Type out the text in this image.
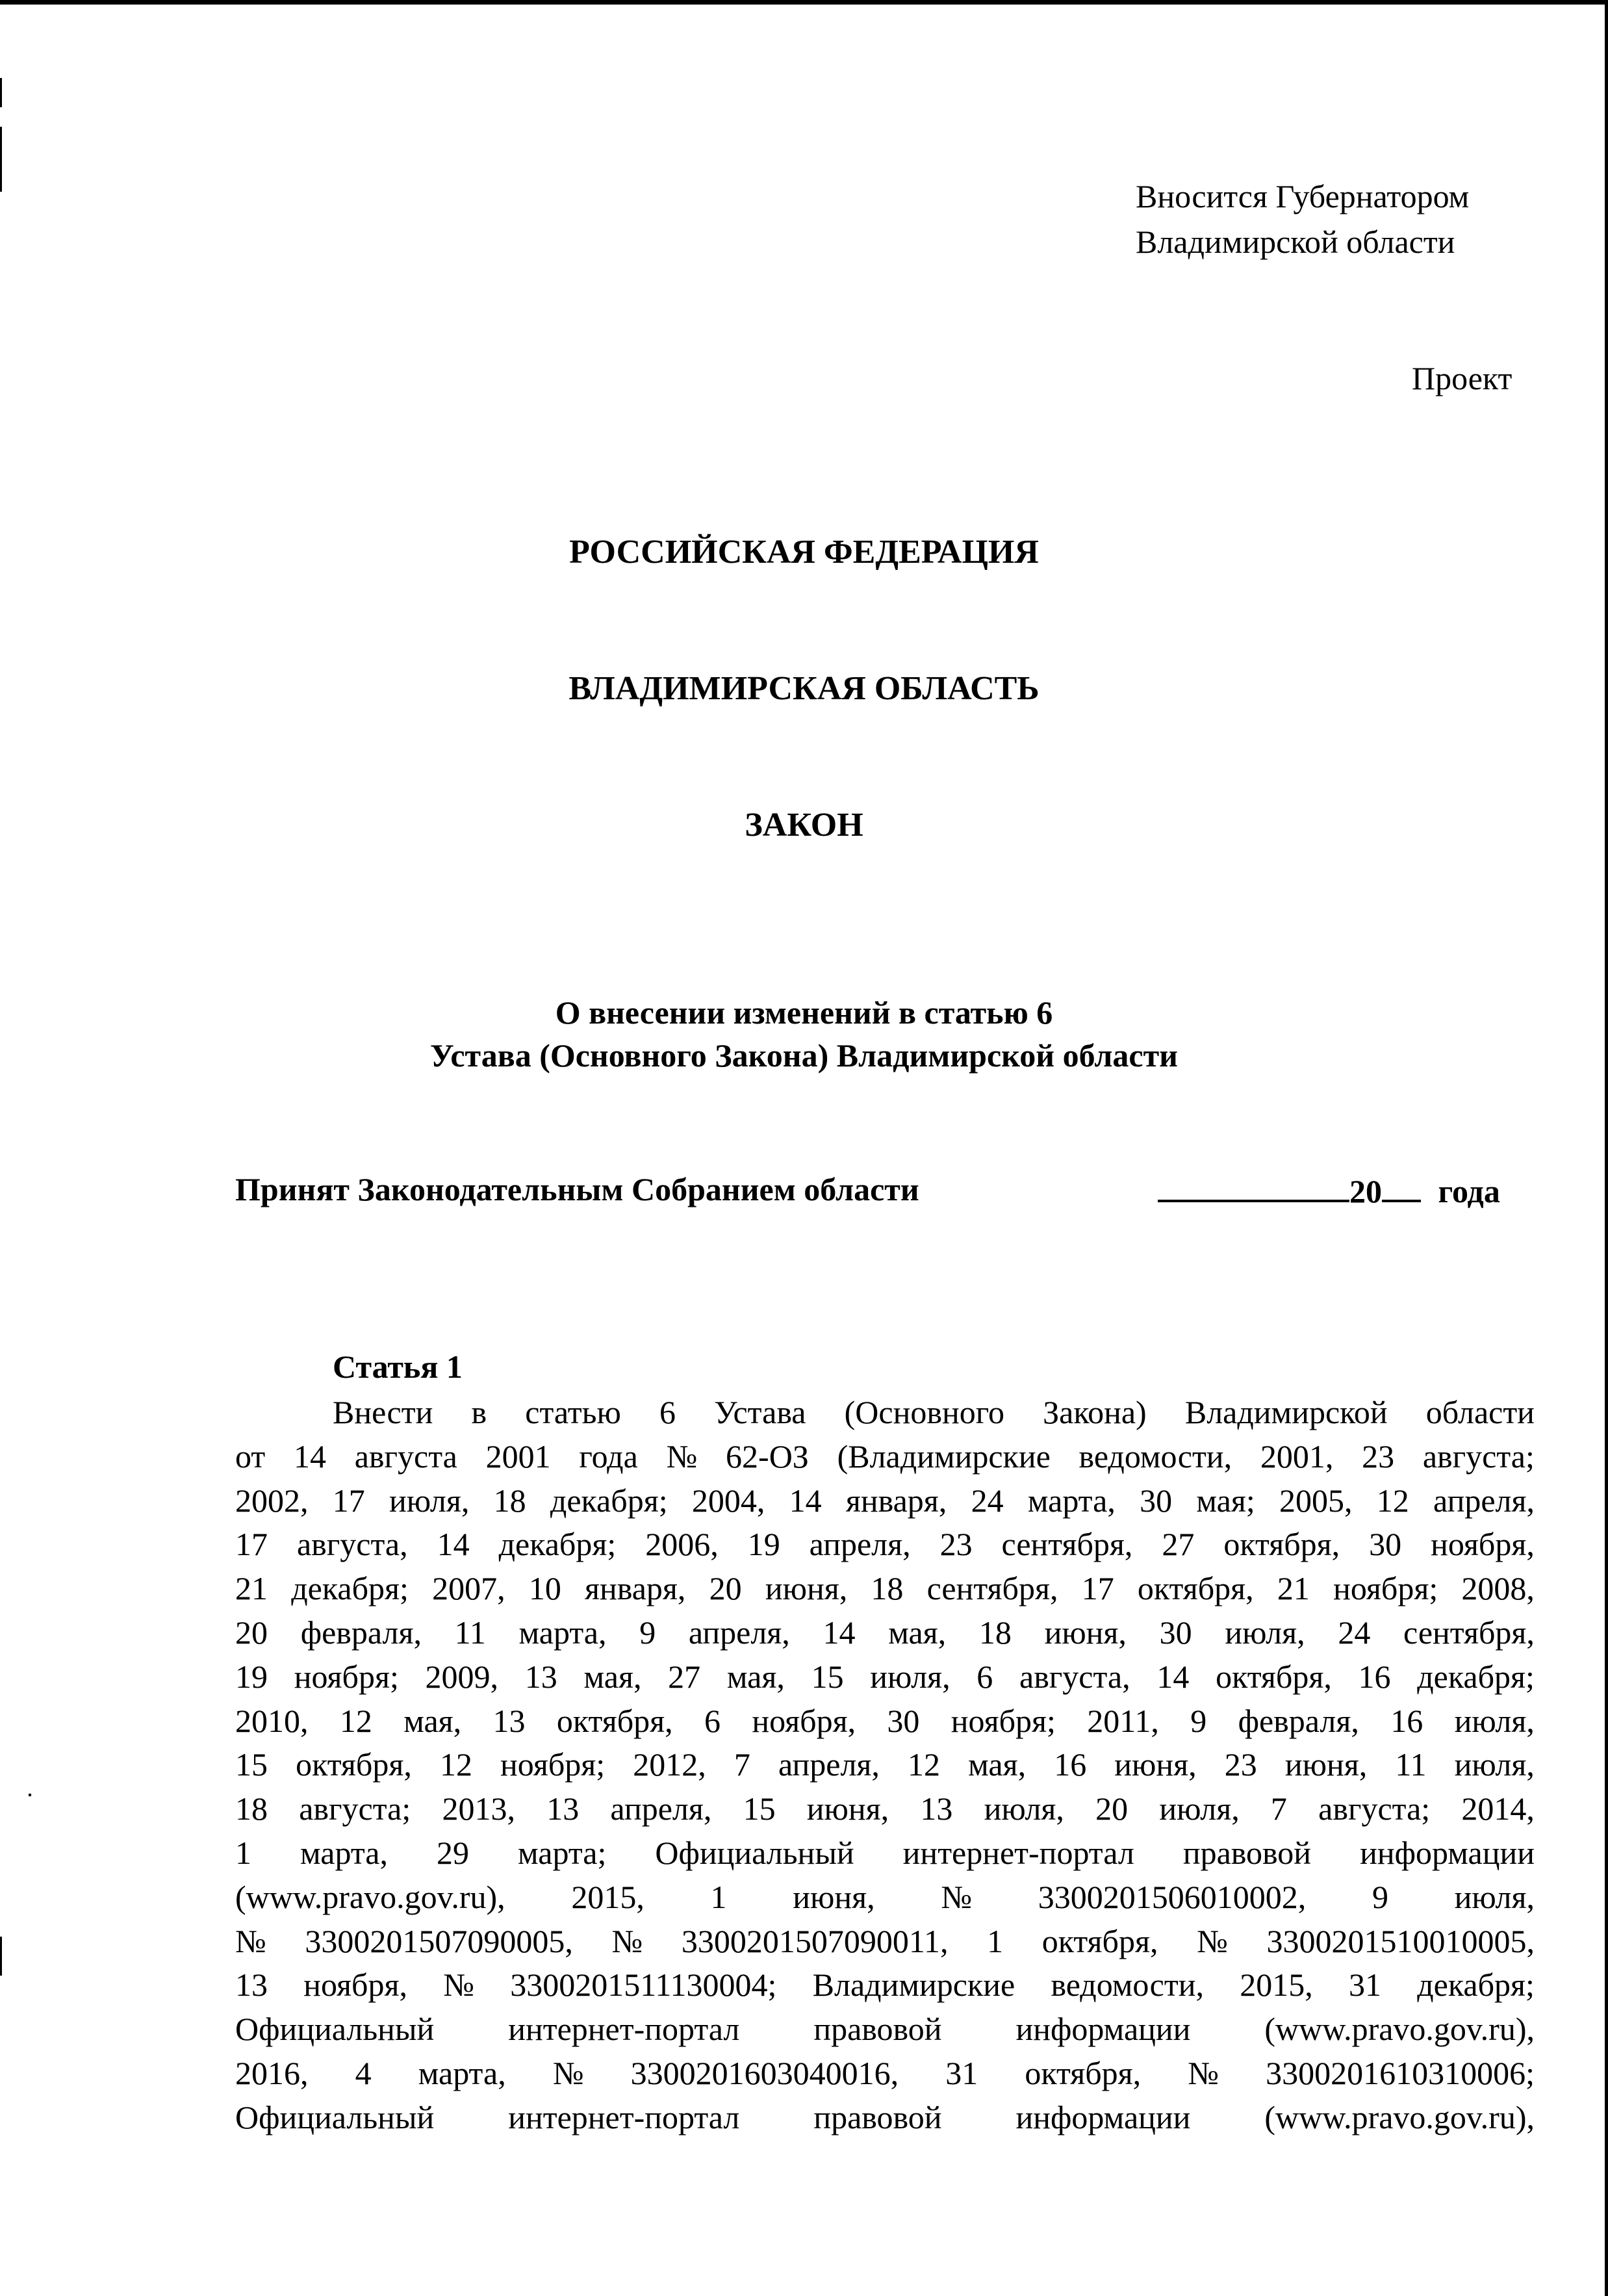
Вносится Губернатором
Владимирской области
Проект
РОССИЙСКАЯ ФЕДЕРАЦИЯ
ВЛАДИМИРСКАЯ ОБЛАСТЬ
ЗАКОН
О внесении изменений в статью 6
Устава (Основного Закона) Владимирской области
Принят Законодательным Собранием области	20 года
Статья 1
Внести в статью 6 Устава (Основного Закона) Владимирской области
от 14 августа 2001 года № 62-ОЗ (Владимирские ведомости, 2001, 23 августа;
2002, 17 июля, 18 декабря; 2004, 14 января, 24 марта, 30 мая; 2005, 12 апреля,
17 августа, 14 декабря; 2006, 19 апреля, 23 сентября, 27 октября, 30 ноября,
21 декабря; 2007, 10 января, 20 июня, 18 сентября, 17 октября, 21 ноября; 2008,
20 февраля, 11 марта, 9 апреля, 14 мая, 18 июня, 30 июля, 24 сентября,
19 ноября; 2009, 13 мая, 27 мая, 15 июля, 6 августа, 14 октября, 16 декабря;
2010, 12 мая, 13 октября, 6 ноября, 30 ноября; 2011, 9 февраля, 16 июля,
15 октября, 12 ноября; 2012, 7 апреля, 12 мая, 16 июня, 23 июня, 11 июля,
18 августа; 2013, 13 апреля, 15 июня, 13 июля, 20 июля, 7 августа; 2014,
1 марта, 29 марта; Официальный интернет-портал правовой информации
(www.pravo.gov.ru), 2015, 1 июня, № 3300201506010002, 9 июля,
№ 3300201507090005, № 3300201507090011, 1 октября, № 3300201510010005,
13 ноября, № 3300201511130004; Владимирские ведомости, 2015, 31 декабря;
Официальный интернет-портал правовой информации (www.pravo.gov.ru),
2016, 4 марта, № 3300201603040016, 31 октября, № 3300201610310006;
Официальный интернет-портал правовой информации (www.pravo.gov.ru),
